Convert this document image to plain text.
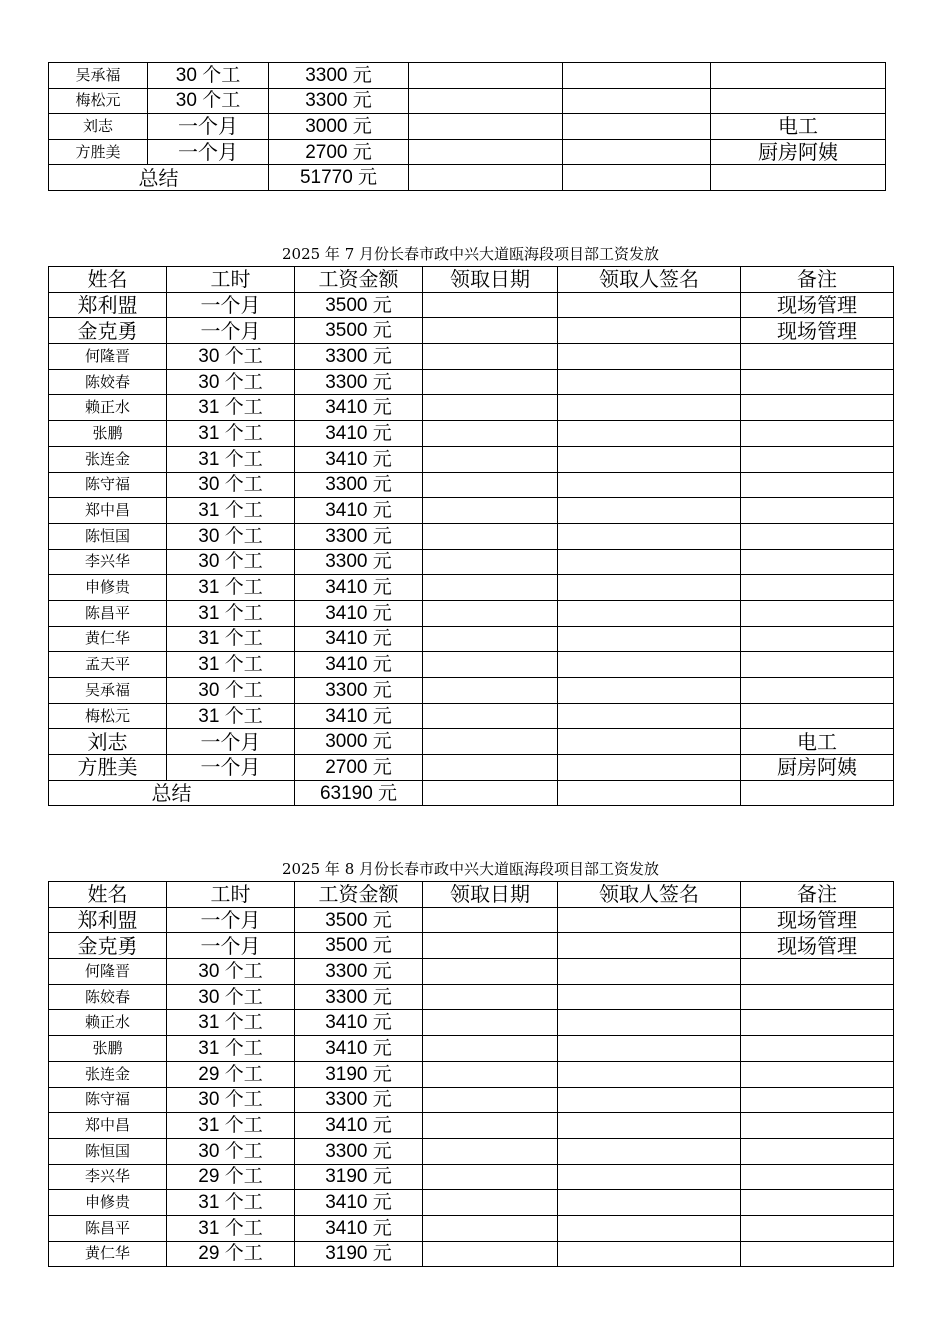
吴承福	30 个工	3300 元			
梅松元	30 个工	3300 元			
刘志	一个月	3000 元			电工
方胜美	一个月	2700 元			厨房阿姨
总结		51770 元			
2025 年 7 月份长春市政中兴大道瓯海段项目部工资发放
姓名	工时	工资金额	领取日期	领取人签名	备注
郑利盟	一个月	3500 元			现场管理
金克勇	一个月	3500 元			现场管理
何隆晋	30 个工	3300 元			
陈姣春	30 个工	3300 元			
赖正水	31 个工	3410 元			
张鹏	31 个工	3410 元			
张连金	31 个工	3410 元			
陈守福	30 个工	3300 元			
郑中昌	31 个工	3410 元			
陈恒国	30 个工	3300 元			
李兴华	30 个工	3300 元			
申修贵	31 个工	3410 元			
陈昌平	31 个工	3410 元			
黄仁华	31 个工	3410 元			
孟天平	31 个工	3410 元			
吴承福	30 个工	3300 元			
梅松元	31 个工	3410 元			
刘志	一个月	3000 元			电工
方胜美	一个月	2700 元			厨房阿姨
总结		63190 元			
2025 年 8 月份长春市政中兴大道瓯海段项目部工资发放
姓名	工时	工资金额	领取日期	领取人签名	备注
郑利盟	一个月	3500 元			现场管理
金克勇	一个月	3500 元			现场管理
何隆晋	30 个工	3300 元			
陈姣春	30 个工	3300 元			
赖正水	31 个工	3410 元			
张鹏	31 个工	3410 元			
张连金	29 个工	3190 元			
陈守福	30 个工	3300 元			
郑中昌	31 个工	3410 元			
陈恒国	30 个工	3300 元			
李兴华	29 个工	3190 元			
申修贵	31 个工	3410 元			
陈昌平	31 个工	3410 元			
黄仁华	29 个工	3190 元			
